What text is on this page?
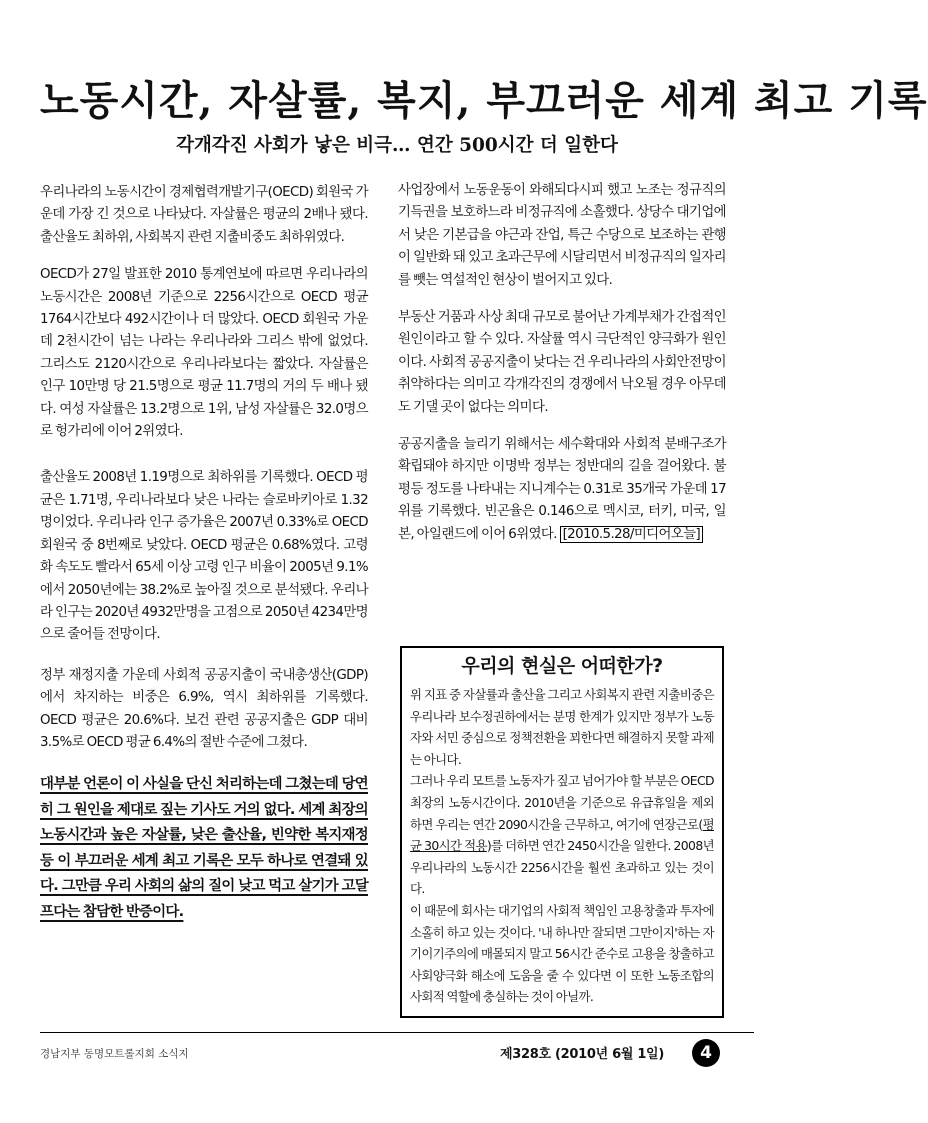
노동시간, 자살률, 복지, 부끄러운 세계 최고 기록
각개각진 사회가 낳은 비극… 연간 500시간 더 일한다

우리나라의 노동시간이 경제협력개발기구(OECD) 회원국 가운데 가장 긴 것으로 나타났다. 자살률은 평균의 2배나 됐다. 출산율도 최하위, 사회복지 관련 지출비중도 최하위였다.

OECD가 27일 발표한 2010 통계연보에 따르면 우리나라의 노동시간은 2008년 기준으로 2256시간으로 OECD 평균 1764시간보다 492시간이나 더 많았다. OECD 회원국 가운데 2천시간이 넘는 나라는 우리나라와 그리스 밖에 없었다. 그리스도 2120시간으로 우리나라보다는 짧았다. 자살률은 인구 10만명 당 21.5명으로 평균 11.7명의 거의 두 배나 됐다. 여성 자살률은 13.2명으로 1위, 남성 자살률은 32.0명으로 헝가리에 이어 2위였다.

출산율도 2008년 1.19명으로 최하위를 기록했다. OECD 평균은 1.71명, 우리나라보다 낮은 나라는 슬로바키아로 1.32명이었다. 우리나라 인구 증가율은 2007년 0.33%로 OECD 회원국 중 8번째로 낮았다. OECD 평균은 0.68%였다. 고령화 속도도 빨라서 65세 이상 고령 인구 비율이 2005년 9.1%에서 2050년에는 38.2%로 높아질 것으로 분석됐다. 우리나라 인구는 2020년 4932만명을 고점으로 2050년 4234만명으로 줄어들 전망이다.

정부 재정지출 가운데 사회적 공공지출이 국내총생산(GDP)에서 차지하는 비중은 6.9%, 역시 최하위를 기록했다. OECD 평균은 20.6%다. 보건 관련 공공지출은 GDP 대비 3.5%로 OECD 평균 6.4%의 절반 수준에 그쳤다.

대부분 언론이 이 사실을 단신 처리하는데 그쳤는데 당연히 그 원인을 제대로 짚는 기사도 거의 없다. 세계 최장의 노동시간과 높은 자살률, 낮은 출산율, 빈약한 복지재정 등 이 부끄러운 세계 최고 기록은 모두 하나로 연결돼 있다. 그만큼 우리 사회의 삶의 질이 낮고 먹고 살기가 고달프다는 참담한 반증이다.

사업장에서 노동운동이 와해되다시피 했고 노조는 정규직의 기득권을 보호하느라 비정규직에 소홀했다. 상당수 대기업에서 낮은 기본급을 야근과 잔업, 특근 수당으로 보조하는 관행이 일반화 돼 있고 초과근무에 시달리면서 비정규직의 일자리를 뺏는 역설적인 현상이 벌어지고 있다.

부동산 거품과 사상 최대 규모로 불어난 가계부채가 간접적인 원인이라고 할 수 있다. 자살률 역시 극단적인 양극화가 원인이다. 사회적 공공지출이 낮다는 건 우리나라의 사회안전망이 취약하다는 의미고 각개각진의 경쟁에서 낙오될 경우 아무데도 기댈 곳이 없다는 의미다.

공공지출을 늘리기 위해서는 세수확대와 사회적 분배구조가 확립돼야 하지만 이명박 정부는 정반대의 길을 걸어왔다. 불평등 정도를 나타내는 지니계수는 0.31로 35개국 가운데 17위를 기록했다. 빈곤율은 0.146으로 멕시코, 터키, 미국, 일본, 아일랜드에 이어 6위였다. [2010.5.28/미디어오늘]

우리의 현실은 어떠한가?

위 지표 중 자살률과 출산율 그리고 사회복지 관련 지출비중은 우리나라 보수정권하에서는 분명 한계가 있지만 정부가 노동자와 서민 중심으로 정책전환을 꾀한다면 해결하지 못할 과제는 아니다.

그러나 우리 모트를 노동자가 짚고 넘어가야 할 부분은 OECD 최장의 노동시간이다. 2010년을 기준으로 유급휴일을 제외하면 우리는 연간 2090시간을 근무하고, 여기에 연장근로(평균 30시간 적용)를 더하면 연간 2450시간을 일한다. 2008년 우리나라의 노동시간 2256시간을 훨씬 초과하고 있는 것이다.

이 때문에 회사는 대기업의 사회적 책임인 고용창출과 투자에 소홀히 하고 있는 것이다. '내 하나만 잘되면 그만이지'하는 자기이기주의에 매몰되지 말고 56시간 준수로 고용을 창출하고 사회양극화 해소에 도움을 줄 수 있다면 이 또한 노동조합의 사회적 역할에 충실하는 것이 아닐까.

경남지부 동명모트롤지회 소식지	제328호 (2010년 6월 1일)	4
